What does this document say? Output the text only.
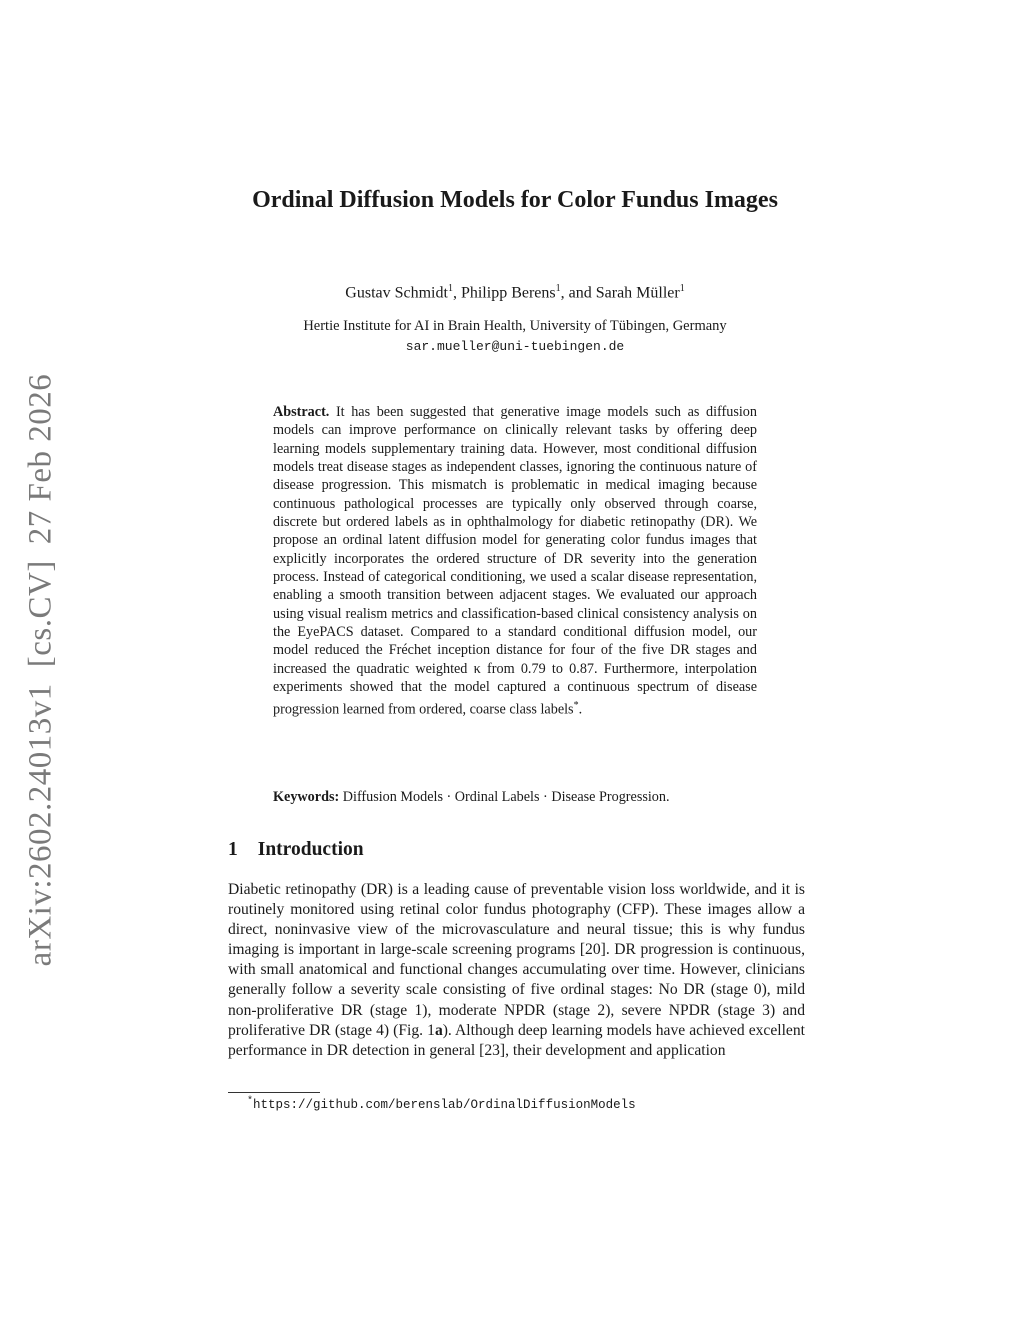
arXiv:2602.24013v1[cs.CV]27 Feb 2026
Ordinal Diffusion Models for Color Fundus Images
Gustav Schmidt$^1$, Philipp Berens$^1$, and Sarah Müller$^1$
Hertie Institute for AI in Brain Health, University of Tübingen, Germany
sar.mueller@uni-tuebingen.de
Abstract. It has been suggested that generative image models such as diffusion models can improve performance on clinically relevant tasks by offering deep learning models supplementary training data. However, most conditional diffusion models treat disease stages as independent classes, ignoring the continuous nature of disease progression. This mismatch is problematic in medical imaging because continuous pathological processes are typically only observed through coarse, discrete but ordered labels as in ophthalmology for diabetic retinopathy (DR). We propose an ordinal latent diffusion model for generating color fundus images that explicitly incorporates the ordered structure of DR severity into the generation process. Instead of categorical conditioning, we used a scalar disease representation, enabling a smooth transition between adjacent stages. We evaluated our approach using visual realism metrics and classification-based clinical consistency analysis on the EyePACS dataset. Compared to a standard conditional diffusion model, our model reduced the Fréchet inception distance for four of the five DR stages and increased the quadratic weighted κ from 0.79 to 0.87. Furthermore, interpolation experiments showed that the model captured a continuous spectrum of disease progression learned from ordered, coarse class labels*.
Keywords: Diffusion Models · Ordinal Labels · Disease Progression.
1 Introduction
Diabetic retinopathy (DR) is a leading cause of preventable vision loss worldwide, and it is routinely monitored using retinal color fundus photography (CFP). These images allow a direct, noninvasive view of the microvasculature and neural tissue; this is why fundus imaging is important in large-scale screening programs [20]. DR progression is continuous, with small anatomical and functional changes accumulating over time. However, clinicians generally follow a severity scale consisting of five ordinal stages: No DR (stage 0), mild non-proliferative DR (stage 1), moderate NPDR (stage 2), severe NPDR (stage 3) and proliferative DR (stage 4) (Fig. 1a). Although deep learning models have achieved excellent performance in DR detection in general [23], their development and application
*https://github.com/berenslab/OrdinalDiffusionModels
